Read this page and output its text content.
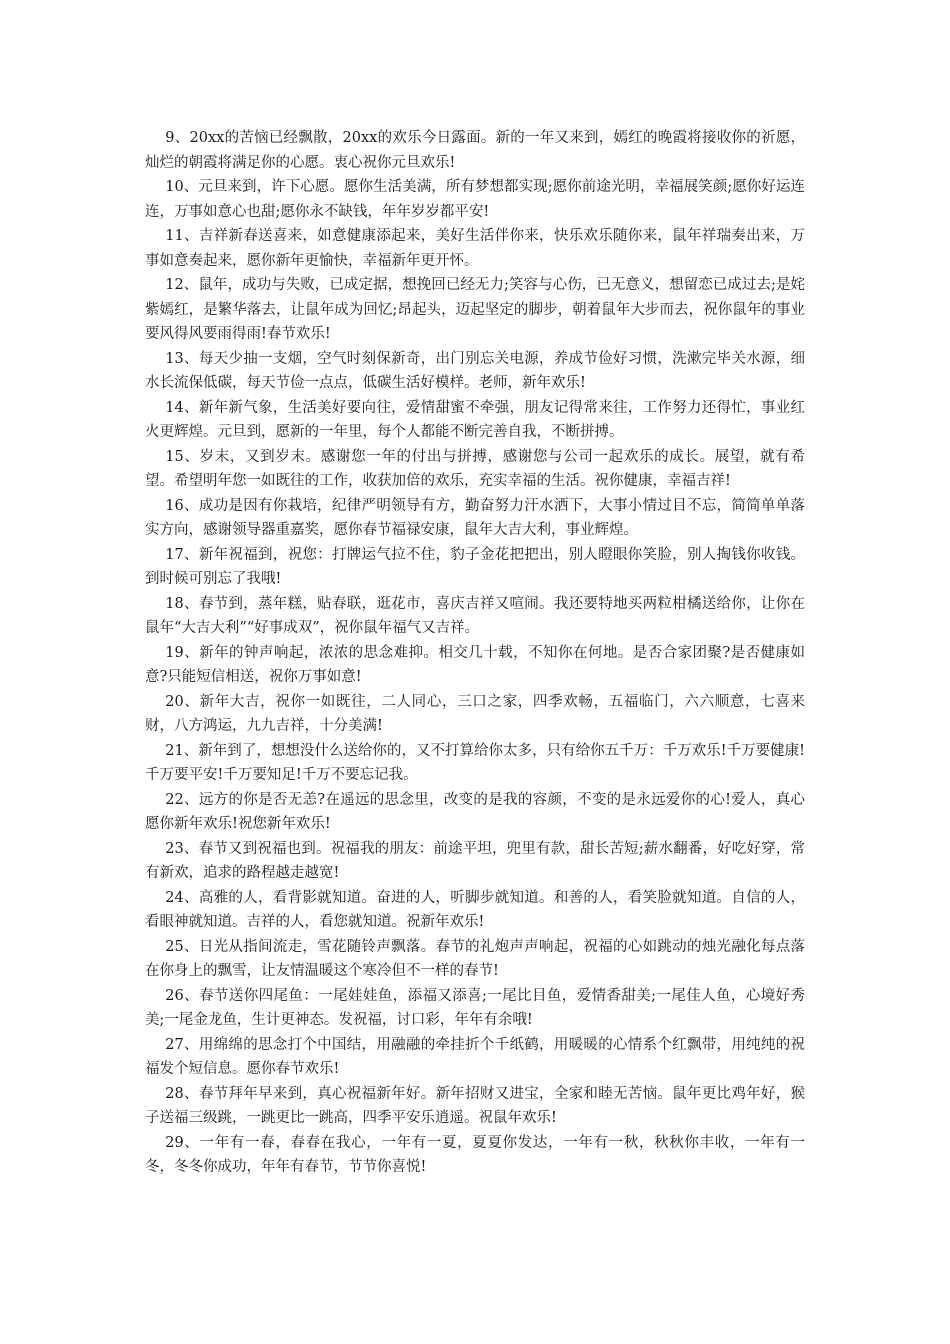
9、20xx的苦恼已经飘散，20xx的欢乐今日露面。新的一年又来到，嫣红的晚霞将接收你的祈愿，灿烂的朝霞将满足你的心愿。衷心祝你元旦欢乐!

10、元旦来到，许下心愿。愿你生活美满，所有梦想都实现;愿你前途光明，幸福展笑颜;愿你好运连连，万事如意心也甜;愿你永不缺钱，年年岁岁都平安!

11、吉祥新春送喜来，如意健康添起来，美好生活伴你来，快乐欢乐随你来，鼠年祥瑞奏出来，万事如意奏起来，愿你新年更愉快，幸福新年更开怀。

12、鼠年，成功与失败，已成定据，想挽回已经无力;笑容与心伤，已无意义，想留恋已成过去;是姹紫嫣红，是繁华落去，让鼠年成为回忆;昂起头，迈起坚定的脚步，朝着鼠年大步而去，祝你鼠年的事业要风得风要雨得雨!春节欢乐!

13、每天少抽一支烟，空气时刻保新奇，出门别忘关电源，养成节俭好习惯，洗漱完毕关水源，细水长流保低碳，每天节俭一点点，低碳生活好模样。老师，新年欢乐!

14、新年新气象，生活美好要向往，爱情甜蜜不牵强，朋友记得常来往，工作努力还得忙，事业红火更辉煌。元旦到，愿新的一年里，每个人都能不断完善自我，不断拼搏。

15、岁末，又到岁末。感谢您一年的付出与拼搏，感谢您与公司一起欢乐的成长。展望，就有希望。希望明年您一如既往的工作，收获加倍的欢乐，充实幸福的生活。祝你健康，幸福吉祥!

16、成功是因有你栽培，纪律严明领导有方，勤奋努力汗水洒下，大事小情过目不忘，简简单单落实方向，感谢领导器重嘉奖，愿你春节福禄安康，鼠年大吉大利，事业辉煌。

17、新年祝福到，祝您：打牌运气拉不住，豹子金花把把出，别人瞪眼你笑脸，别人掏钱你收钱。到时候可别忘了我哦!

18、春节到，蒸年糕，贴春联，逛花市，喜庆吉祥又喧闹。我还要特地买两粒柑橘送给你，让你在鼠年“大吉大利”“好事成双”，祝你鼠年福气又吉祥。

19、新年的钟声响起，浓浓的思念难抑。相交几十载，不知你在何地。是否合家团聚?是否健康如意?只能短信相送，祝你万事如意!

20、新年大吉，祝你一如既往，二人同心，三口之家，四季欢畅，五福临门，六六顺意，七喜来财，八方鸿运，九九吉祥，十分美满!

21、新年到了，想想没什么送给你的，又不打算给你太多，只有给你五千万：千万欢乐!千万要健康!千万要平安!千万要知足!千万不要忘记我。

22、远方的你是否无恙?在遥远的思念里，改变的是我的容颜，不变的是永远爱你的心!爱人，真心愿你新年欢乐!祝您新年欢乐!

23、春节又到祝福也到。祝福我的朋友：前途平坦，兜里有款，甜长苦短;薪水翻番，好吃好穿，常有新欢，追求的路程越走越宽!

24、高雅的人，看背影就知道。奋进的人，听脚步就知道。和善的人，看笑脸就知道。自信的人，看眼神就知道。吉祥的人，看您就知道。祝新年欢乐!

25、日光从指间流走，雪花随铃声飘落。春节的礼炮声声响起，祝福的心如跳动的烛光融化每点落在你身上的飘雪，让友情温暖这个寒冷但不一样的春节!

26、春节送你四尾鱼：一尾娃娃鱼，添福又添喜;一尾比目鱼，爱情香甜美;一尾佳人鱼，心境好秀美;一尾金龙鱼，生计更神态。发祝福，讨口彩，年年有余哦!

27、用绵绵的思念打个中国结，用融融的牵挂折个千纸鹤，用暖暖的心情系个红飘带，用纯纯的祝福发个短信息。愿你春节欢乐!

28、春节拜年早来到，真心祝福新年好。新年招财又进宝，全家和睦无苦恼。鼠年更比鸡年好，猴子送福三级跳，一跳更比一跳高，四季平安乐逍遥。祝鼠年欢乐!

29、一年有一春，春春在我心，一年有一夏，夏夏你发达，一年有一秋，秋秋你丰收，一年有一冬，冬冬你成功，年年有春节，节节你喜悦!
